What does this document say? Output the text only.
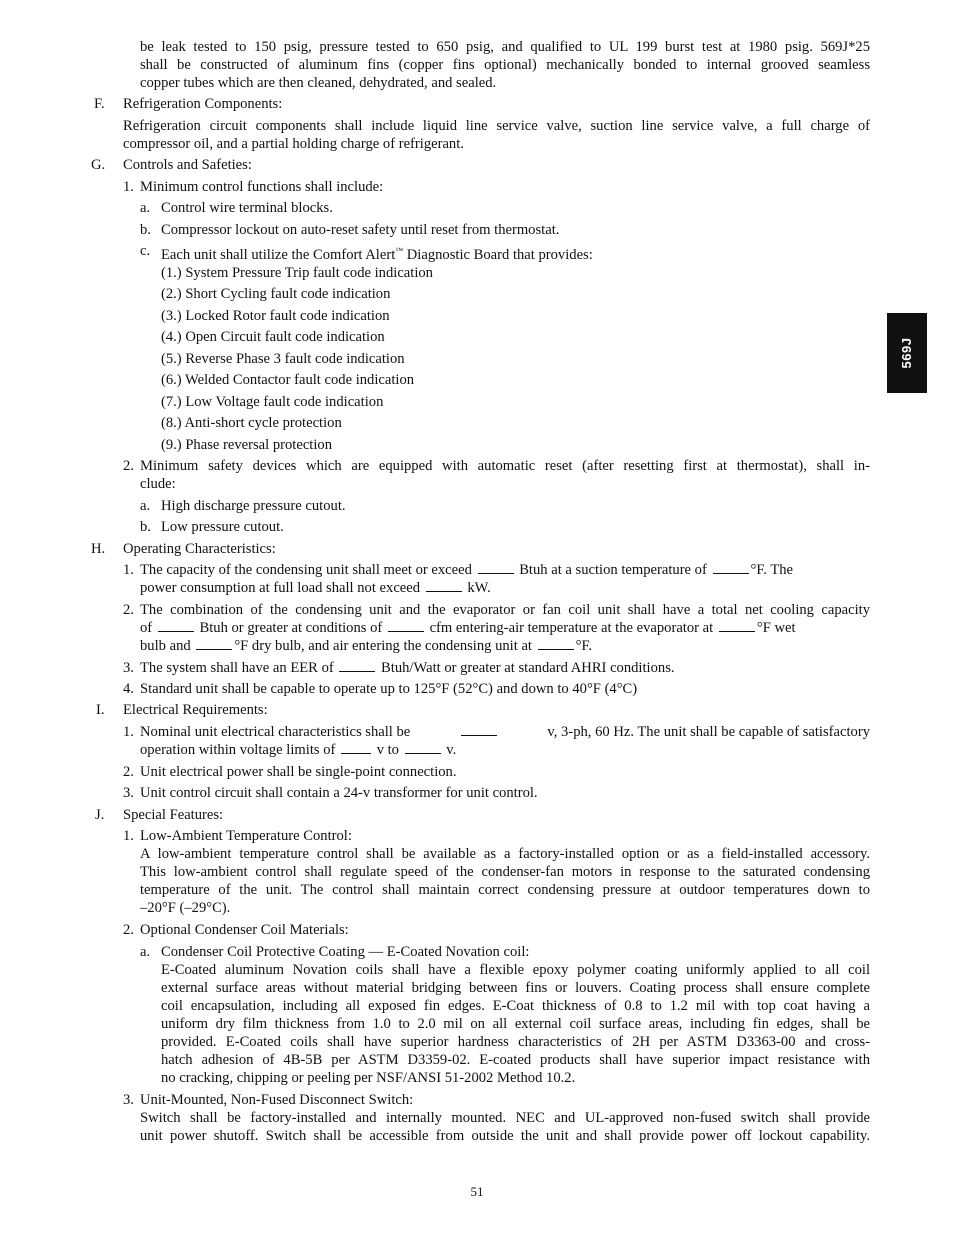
be leak tested to 150 psig, pressure tested to 650 psig, and qualified to UL 199 burst test at 1980 psig. 569J*25
shall be constructed of aluminum fins (copper fins optional) mechanically bonded to internal grooved seamless
copper tubes which are then cleaned, dehydrated, and sealed.
F. Refrigeration Components:
Refrigeration circuit components shall include liquid line service valve, suction line service valve, a full charge of
compressor oil, and a partial holding charge of refrigerant.
G. Controls and Safeties:
1. Minimum control functions shall include:
a. Control wire terminal blocks.
b. Compressor lockout on auto-reset safety until reset from thermostat.
c. Each unit shall utilize the Comfort Alert™ Diagnostic Board that provides:
(1.) System Pressure Trip fault code indication
(2.) Short Cycling fault code indication
(3.) Locked Rotor fault code indication
(4.) Open Circuit fault code indication
(5.) Reverse Phase 3 fault code indication
(6.) Welded Contactor fault code indication
(7.) Low Voltage fault code indication
(8.) Anti-short cycle protection
(9.) Phase reversal protection
2. Minimum safety devices which are equipped with automatic reset (after resetting first at thermostat), shall in-
clude:
a. High discharge pressure cutout.
b. Low pressure cutout.
H. Operating Characteristics:
1. The capacity of the condensing unit shall meet or exceed	Btuh at a suction temperature of	°F. The
power consumption at full load shall not exceed	kW.
2. The combination of the condensing unit and the evaporator or fan coil unit shall have a total net cooling capacity
of	Btuh or greater at conditions of	cfm entering-air temperature at the evaporator at	°F wet
bulb and	°F dry bulb, and air entering the condensing unit at	°F.
3. The system shall have an EER of	Btuh/Watt or greater at standard AHRI conditions.
4. Standard unit shall be capable to operate up to 125°F (52°C) and down to 40°F (4°C)
I. Electrical Requirements:
1. Nominal unit electrical characteristics shall be	v, 3-ph, 60 Hz. The unit shall be capable of satisfactory
operation within voltage limits of	v to	v.
2. Unit electrical power shall be single-point connection.
3. Unit control circuit shall contain a 24-v transformer for unit control.
J. Special Features:
1. Low-Ambient Temperature Control:
A low-ambient temperature control shall be available as a factory-installed option or as a field-installed accessory.
This low-ambient control shall regulate speed of the condenser-fan motors in response to the saturated condensing
temperature of the unit. The control shall maintain correct condensing pressure at outdoor temperatures down to
–20°F (–29°C).
2. Optional Condenser Coil Materials:
a. Condenser Coil Protective Coating — E-Coated Novation coil:
E-Coated aluminum Novation coils shall have a flexible epoxy polymer coating uniformly applied to all coil
external surface areas without material bridging between fins or louvers. Coating process shall ensure complete
coil encapsulation, including all exposed fin edges. E-Coat thickness of 0.8 to 1.2 mil with top coat having a
uniform dry film thickness from 1.0 to 2.0 mil on all external coil surface areas, including fin edges, shall be
provided. E-Coated coils shall have superior hardness characteristics of 2H per ASTM D3363-00 and cross-
hatch adhesion of 4B-5B per ASTM D3359-02. E-coated products shall have superior impact resistance with
no cracking, chipping or peeling per NSF/ANSI 51-2002 Method 10.2.
3. Unit-Mounted, Non-Fused Disconnect Switch:
Switch shall be factory-installed and internally mounted. NEC and UL-approved non-fused switch shall provide
unit power shutoff. Switch shall be accessible from outside the unit and shall provide power off lockout capability.
569J
51
